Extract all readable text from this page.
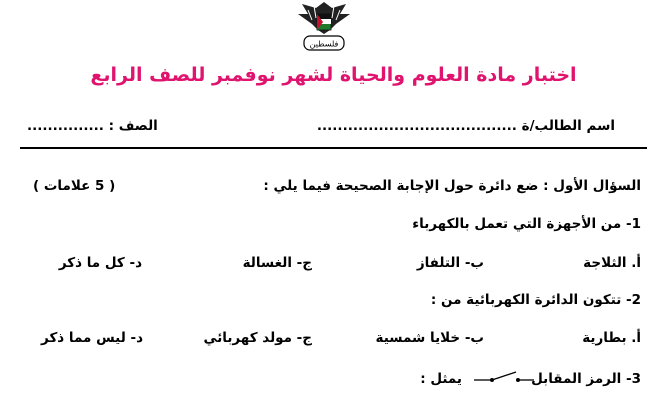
فلسطين
اختبار مادة العلوم والحياة لشهر نوفمبر للصف الرابع
اسم الطالب/ة .......................................
الصف : ...............
السؤال الأول : ضع دائرة حول الإجابة الصحيحة فيما يلي :
( 5 علامات )
1- من الأجهزة التي تعمل بالكهرباء
أ. الثلاجة
ب- التلفاز
ج- الغسالة
د- كل ما ذكر
2- تتكون الدائرة الكهربائية من :
أ. بطارية
ب- خلايا شمسية
ج- مولد كهربائي
د- ليس مما ذكر
3- الرمز المقابل
يمثل :
